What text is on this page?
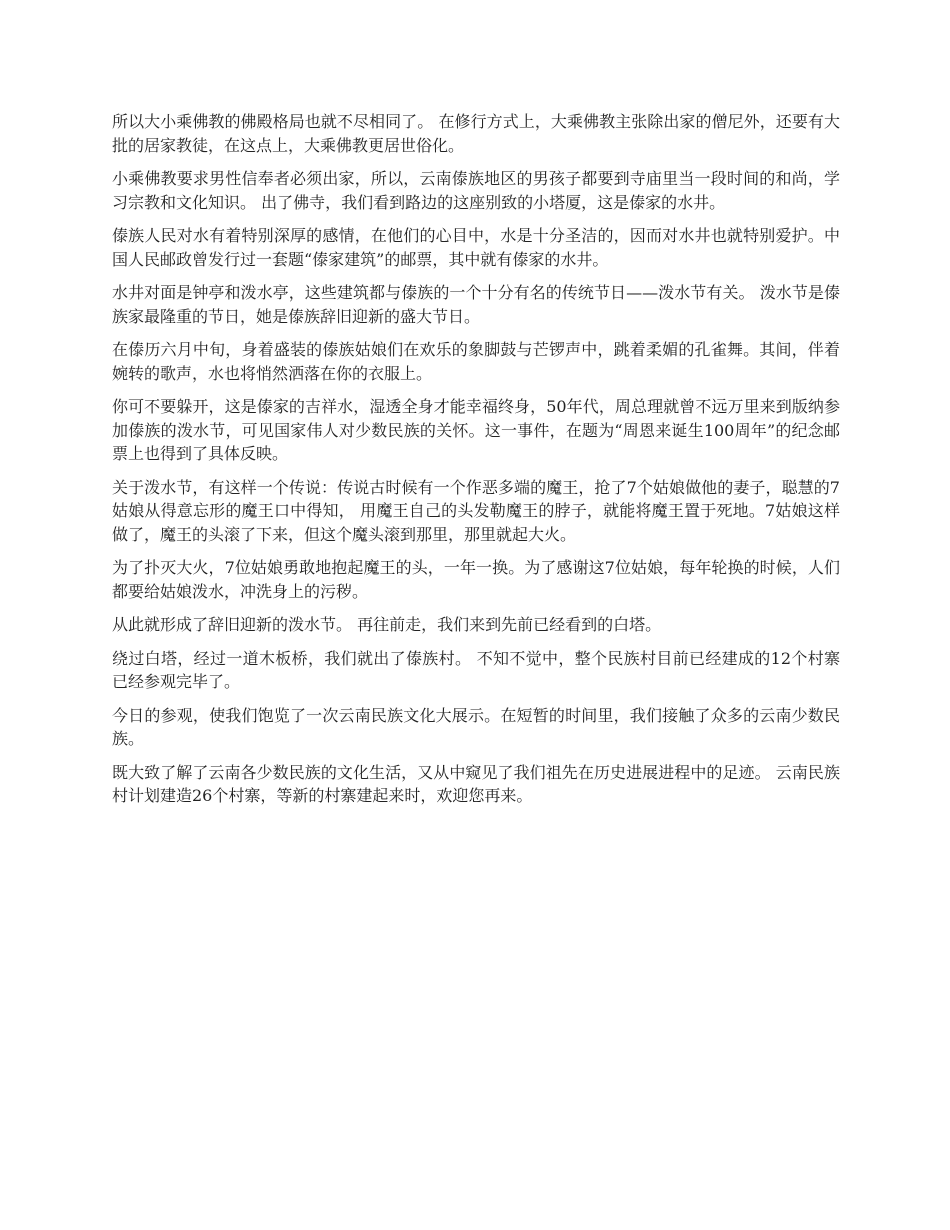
所以大小乘佛教的佛殿格局也就不尽相同了。 在修行方式上，大乘佛教主张除出家的僧尼外，还要有大批的居家教徒，在这点上，大乘佛教更居世俗化。

小乘佛教要求男性信奉者必须出家，所以，云南傣族地区的男孩子都要到寺庙里当一段时间的和尚，学习宗教和文化知识。 出了佛寺，我们看到路边的这座别致的小塔厦，这是傣家的水井。

傣族人民对水有着特别深厚的感情，在他们的心目中，水是十分圣洁的，因而对水井也就特别爱护。中国人民邮政曾发行过一套题“傣家建筑”的邮票，其中就有傣家的水井。

水井对面是钟亭和泼水亭，这些建筑都与傣族的一个十分有名的传统节日——泼水节有关。 泼水节是傣族家最隆重的节日，她是傣族辞旧迎新的盛大节日。

在傣历六月中旬，身着盛装的傣族姑娘们在欢乐的象脚鼓与芒锣声中，跳着柔媚的孔雀舞。其间，伴着婉转的歌声，水也将悄然洒落在你的衣服上。

你可不要躲开，这是傣家的吉祥水，湿透全身才能幸福终身，50年代，周总理就曾不远万里来到版纳参加傣族的泼水节，可见国家伟人对少数民族的关怀。这一事件，在题为“周恩来诞生100周年”的纪念邮票上也得到了具体反映。

关于泼水节，有这样一个传说：传说古时候有一个作恶多端的魔王，抢了7个姑娘做他的妻子，聪慧的7姑娘从得意忘形的魔王口中得知， 用魔王自己的头发勒魔王的脖子，就能将魔王置于死地。7姑娘这样做了，魔王的头滚了下来，但这个魔头滚到那里，那里就起大火。

为了扑灭大火，7位姑娘勇敢地抱起魔王的头，一年一换。为了感谢这7位姑娘，每年轮换的时候，人们都要给姑娘泼水，冲洗身上的污秽。

从此就形成了辞旧迎新的泼水节。 再往前走，我们来到先前已经看到的白塔。

绕过白塔，经过一道木板桥，我们就出了傣族村。 不知不觉中，整个民族村目前已经建成的12个村寨已经参观完毕了。

今日的参观，使我们饱览了一次云南民族文化大展示。在短暂的时间里，我们接触了众多的云南少数民族。

既大致了解了云南各少数民族的文化生活，又从中窥见了我们祖先在历史进展进程中的足迹。 云南民族村计划建造26个村寨，等新的村寨建起来时，欢迎您再来。
